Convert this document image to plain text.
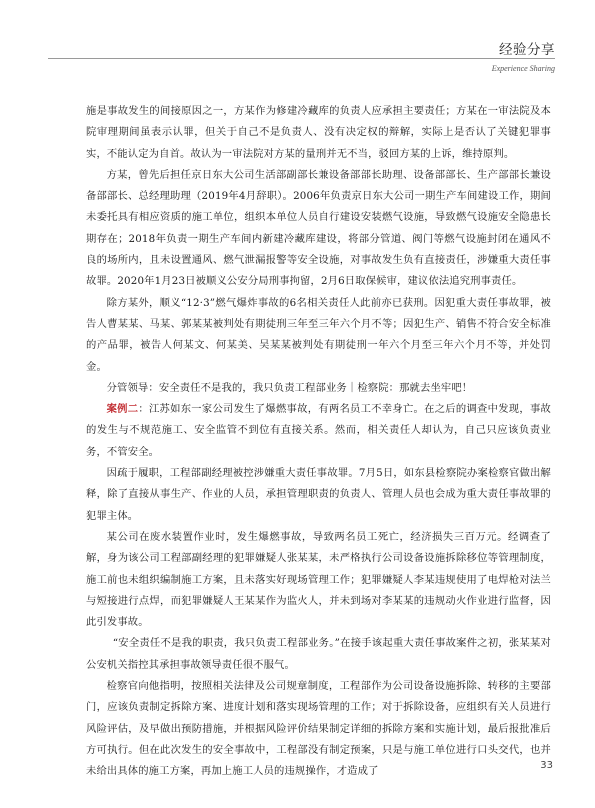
经验分享
Experience Sharing

施是事故发生的间接原因之一，方某作为修建冷藏库的负责人应承担主要责任；方某在一审法院及本院审理期间虽表示认罪，但关于自己不是负责人、没有决定权的辩解，实际上是否认了关键犯罪事实，不能认定为自首。故认为一审法院对方某的量刑并无不当，驳回方某的上诉，维持原判。

方某，曾先后担任京日东大公司生活部副部长兼设备部部长助理、设备部部长、生产部部长兼设备部部长、总经理助理（2019年4月辞职）。2006年负责京日东大公司一期生产车间建设工作，期间未委托具有相应资质的施工单位，组织本单位人员自行建设安装燃气设施，导致燃气设施安全隐患长期存在；2018年负责一期生产车间内新建冷藏库建设，将部分管道、阀门等燃气设施封闭在通风不良的场所内，且未设置通风、燃气泄漏报警等安全设施，对事故发生负有直接责任，涉嫌重大责任事故罪。2020年1月23日被顺义公安分局刑事拘留，2月6日取保候审，建议依法追究刑事责任。

除方某外，顺义“12·3”燃气爆炸事故的6名相关责任人此前亦已获刑。因犯重大责任事故罪，被告人曹某某、马某、郭某某被判处有期徒刑三年至三年六个月不等；因犯生产、销售不符合安全标准的产品罪，被告人何某文、何某美、吴某某被判处有期徒刑一年六个月至三年六个月不等，并处罚金。

分管领导：安全责任不是我的，我只负责工程部业务｜检察院：那就去坐牢吧！

案例二：江苏如东一家公司发生了爆燃事故，有两名员工不幸身亡。在之后的调查中发现，事故的发生与不规范施工、安全监管不到位有直接关系。然而，相关责任人却认为，自己只应该负责业务，不管安全。

因疏于履职，工程部副经理被控涉嫌重大责任事故罪。7月5日，如东县检察院办案检察官做出解释，除了直接从事生产、作业的人员，承担管理职责的负责人、管理人员也会成为重大责任事故罪的犯罪主体。

某公司在废水装置作业时，发生爆燃事故，导致两名员工死亡，经济损失三百万元。经调查了解，身为该公司工程部副经理的犯罪嫌疑人张某某，未严格执行公司设备设施拆除移位等管理制度，施工前也未组织编制施工方案，且未落实好现场管理工作；犯罪嫌疑人李某违规使用了电焊枪对法兰与短接进行点焊，而犯罪嫌疑人王某某作为监火人，并未到场对李某某的违规动火作业进行监督，因此引发事故。

“安全责任不是我的职责，我只负责工程部业务。”在接手该起重大责任事故案件之初，张某某对公安机关指控其承担事故领导责任很不服气。

检察官向他指明，按照相关法律及公司规章制度，工程部作为公司设备设施拆除、转移的主要部门，应该负责制定拆除方案、进度计划和落实现场管理的工作；对于拆除设备，应组织有关人员进行风险评估，及早做出预防措施，并根据风险评价结果制定详细的拆除方案和实施计划，最后报批准后方可执行。但在此次发生的安全事故中，工程部没有制定预案，只是与施工单位进行口头交代，也并未给出具体的施工方案，再加上施工人员的违规操作，才造成了	33
